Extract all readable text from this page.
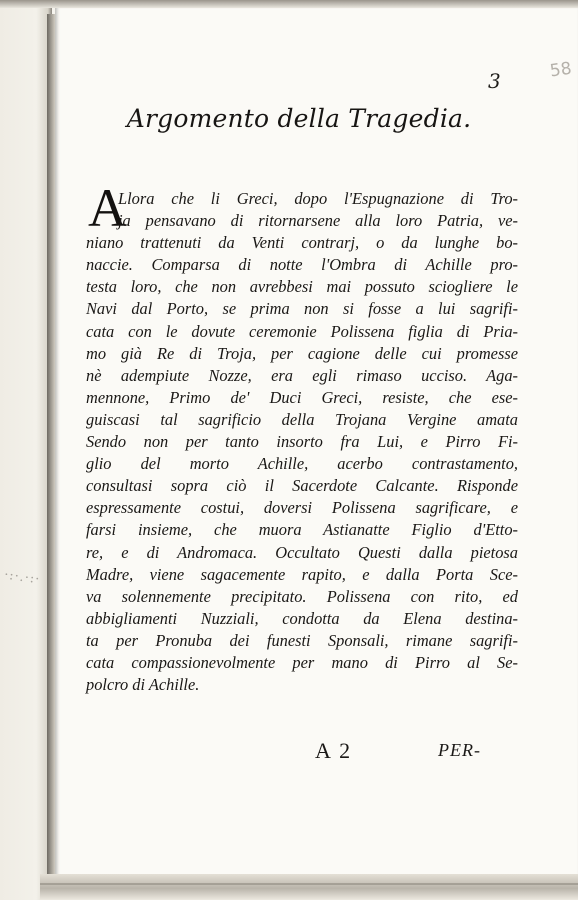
·:·.·:·
3	58
Argomento della Tragedia.
A
Llora che li Greci, dopo l'Espugnazione di Tro-
ja pensavano di ritornarsene alla loro Patria, ve-
niano trattenuti da Venti contrarj, o da lunghe bo-
naccie. Comparsa di notte l'Ombra di Achille pro-
testa loro, che non avrebbesi mai possuto sciogliere le
Navi dal Porto, se prima non si fosse a lui sagrifi-
cata con le dovute ceremonie Polissena figlia di Pria-
mo già Re di Troja, per cagione delle cui promesse
nè adempiute Nozze, era egli rimaso ucciso. Aga-
mennone, Primo de' Duci Greci, resiste, che ese-
guiscasi tal sagrificio della Trojana Vergine amata
Sendo non per tanto insorto fra Lui, e Pirro Fi-
glio del morto Achille, acerbo contrastamento,
consultasi sopra ciò il Sacerdote Calcante. Risponde
espressamente costui, doversi Polissena sagrificare, e
farsi insieme, che muora Astianatte Figlio d'Etto-
re, e di Andromaca. Occultato Questi dalla pietosa
Madre, viene sagacemente rapito, e dalla Porta Sce-
va solennemente precipitato. Polissena con rito, ed
abbigliamenti Nuzziali, condotta da Elena destina-
ta per Pronuba dei funesti Sponsali, rimane sagrifi-
cata compassionevolmente per mano di Pirro al Se-
polcro di Achille.
A 2	PER-
